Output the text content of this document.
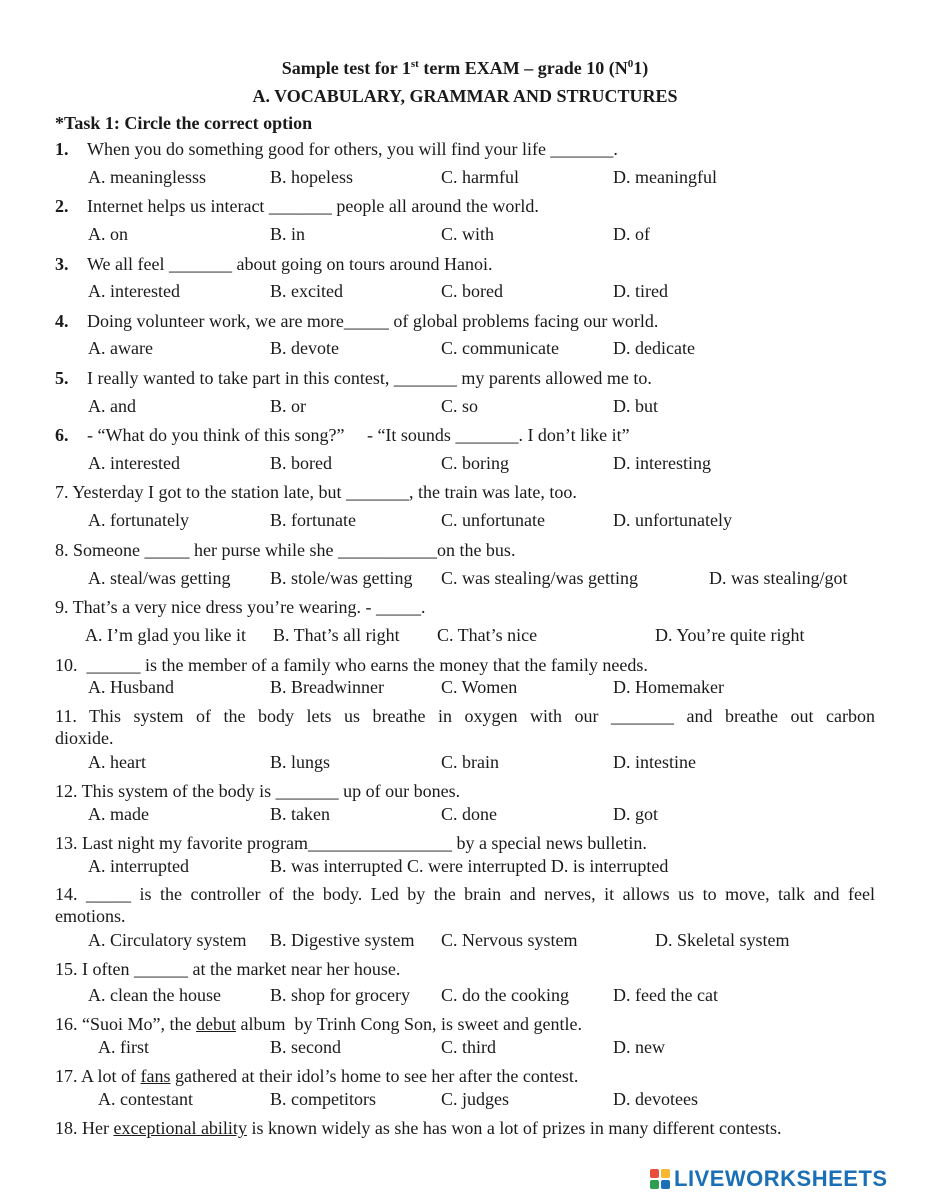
Sample test for 1st term EXAM – grade 10 $(N^01)$
A. VOCABULARY, GRAMMAR AND STRUCTURES
*Task 1: Circle the correct option
1. When you do something good for others, you will find your life _______.
A. meaninglesss	B. hopeless	C. harmful	D. meaningful
2. Internet helps us interact _______ people all around the world.
A. on	B. in	C. with	D. of
3. We all feel _______ about going on tours around Hanoi.
A. interested	B. excited	C. bored	D. tired
4. Doing volunteer work, we are more_____ of global problems facing our world.
A. aware	B. devote	C. communicate	D. dedicate
5. I really wanted to take part in this contest, _______ my parents allowed me to.
A. and	B. or	C. so	D. but
6. - “What do you think of this song?”     - “It sounds _______. I don’t like it”
A. interested	B. bored	C. boring	D. interesting
7. Yesterday I got to the station late, but _______, the train was late, too.
A. fortunately	B. fortunate	C. unfortunate	D. unfortunately
8. Someone _____ her purse while she ___________on the bus.
A. steal/was getting B. stole/was getting C. was stealing/was getting	D. was stealing/got
9. That’s a very nice dress you’re wearing. - _____.
A. I’m glad you like it B. That’s all right C. That’s nice	D. You’re quite right
10.  ______ is the member of a family who earns the money that the family needs.
A. Husband	B. Breadwinner	C. Women	D. Homemaker
11. This system of the body lets us breathe in oxygen with our _______ and breathe out carbon
dioxide.
A. heart	B. lungs	C. brain	D. intestine
12. This system of the body is _______ up of our bones.
A. made	B. taken	C. done	D. got
13. Last night my favorite program________________ by a special news bulletin.
A. interrupted	B. was interrupted C. were interrupted D. is interrupted
14. _____ is the controller of the body. Led by the brain and nerves, it allows us to move, talk and feel
emotions.
A. Circulatory system B. Digestive system C. Nervous system	D. Skeletal system
15. I often ______ at the market near her house.
A. clean the house	B. shop for grocery C. do the cooking D. feed the cat
16. “Suoi Mo”, the debut album  by Trinh Cong Son, is sweet and gentle.
A. first	B. second	C. third	D. new
17. A lot of fans gathered at their idol’s home to see her after the contest.
A. contestant	B. competitors	C. judges	D. devotees
18. Her exceptional ability is known widely as she has won a lot of prizes in many different contests.
LIVEWORKSHEETS
